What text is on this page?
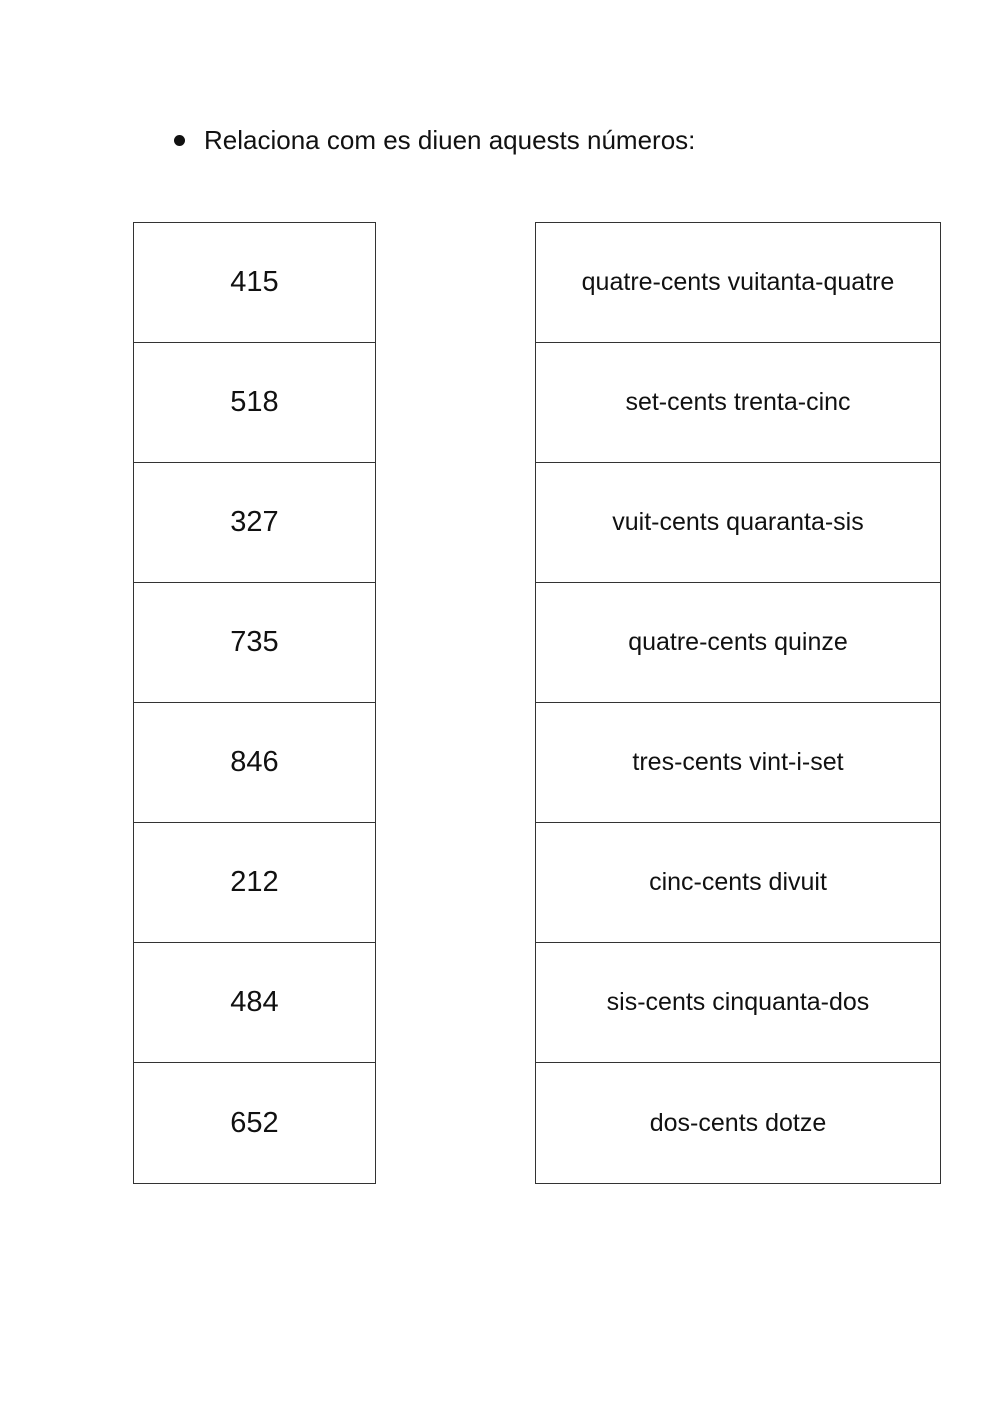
Relaciona com es diuen aquests números:
415
518
327
735
846
212
484
652
quatre-cents vuitanta-quatre
set-cents trenta-cinc
vuit-cents quaranta-sis
quatre-cents quinze
tres-cents vint-i-set
cinc-cents divuit
sis-cents cinquanta-dos
dos-cents dotze
